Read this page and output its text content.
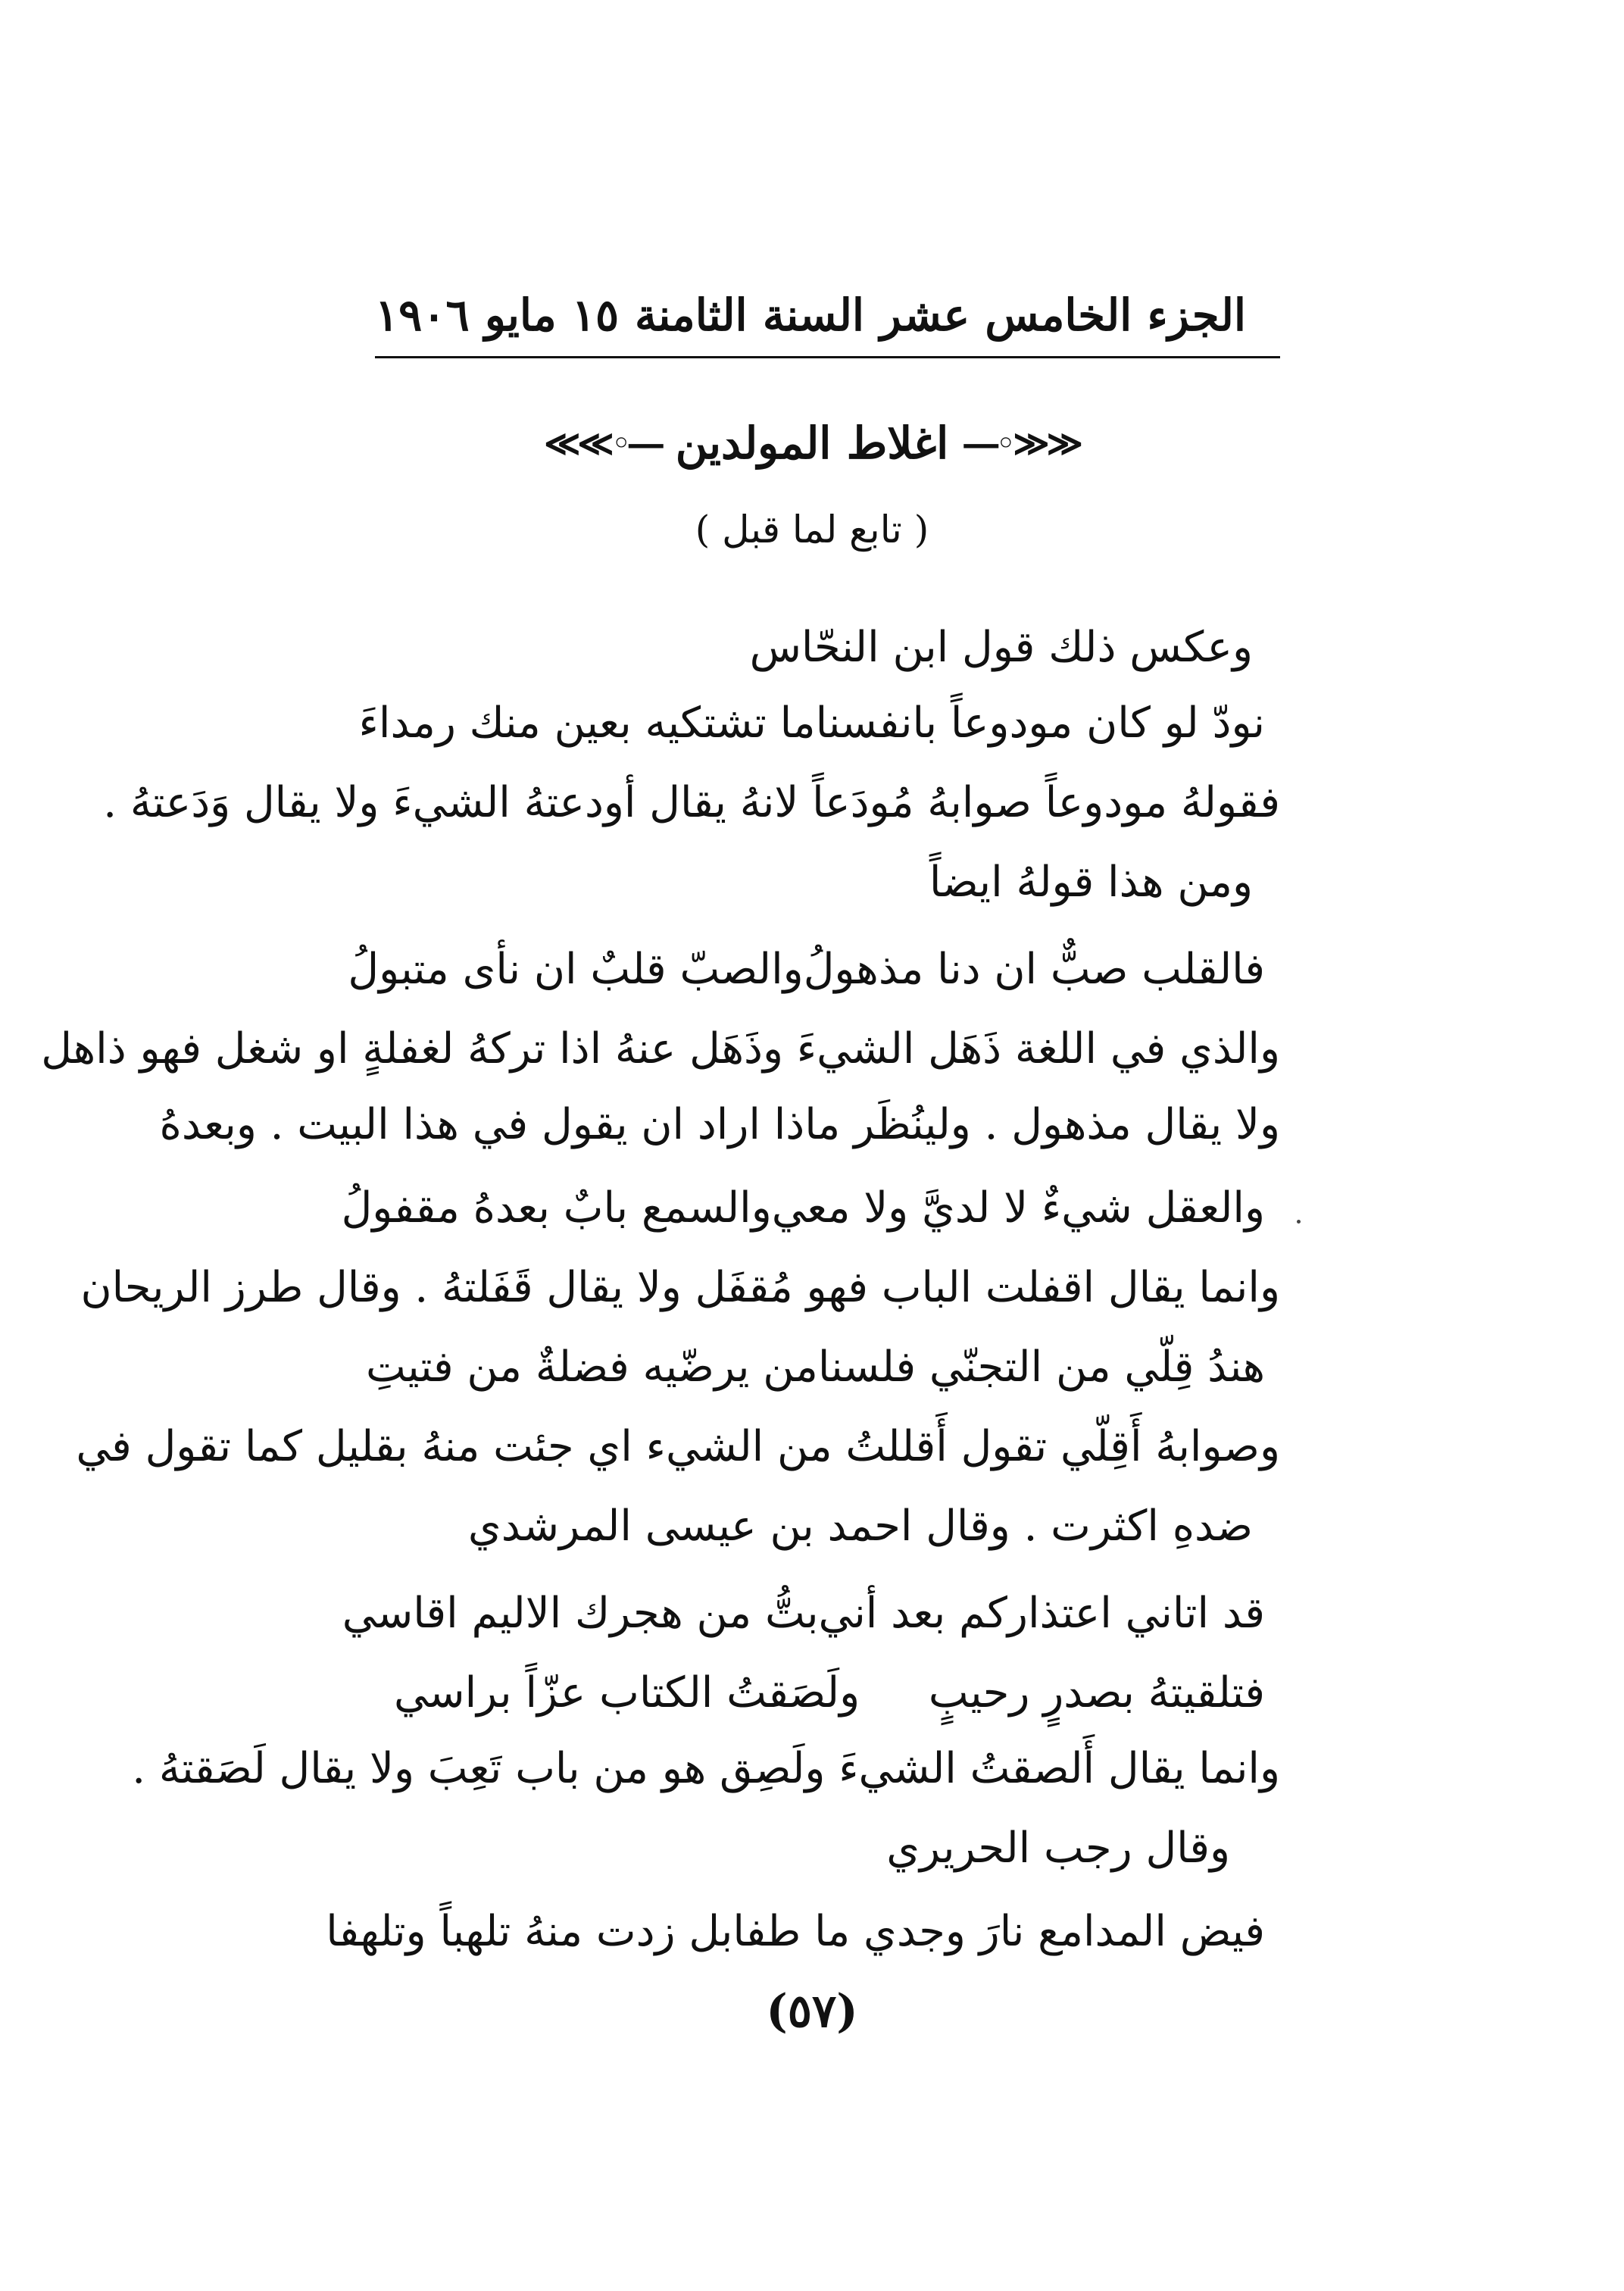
الجزء الخامس عشر
السنة الثامنة
١٥ مايو ١٩٠٦
―◦≫≫
اغلاط المولدين
≪≪◦―
( تابع لما قبل )
وعكس ذلك قول ابن النحّاس
نودّ لو كان مودوعاً بانفسنا
ما تشتكيه بعين منك رمداءَ
فقولهُ مودوعاً صوابهُ مُودَعاً لانهُ يقال أودعتهُ الشيءَ ولا يقال وَدَعتهُ .
ومن هذا قولهُ ايضاً
فالقلب صبٌّ ان دنا مذهولُ
والصبّ قلبٌ ان نأى متبولُ
والذي في اللغة ذَهَل الشيءَ وذَهَل عنهُ اذا تركهُ لغفلةٍ او شغل فهو ذاهل
ولا يقال مذهول . ولينُظَر ماذا اراد ان يقول في هذا البيت . وبعدهُ
والعقل شيءٌ لا لديَّ ولا معي
والسمع بابٌ بعدهُ مقفولُ
وانما يقال اقفلت الباب فهو مُقفَل ولا يقال قَفَلتهُ . وقال طرز الريحان
هندُ قِلّي من التجنّي فلسنا
من يرضّيه فضلةٌ من فتيتِ
وصوابهُ أَقِلّي تقول أَقللتُ من الشيء اي جئت منهُ بقليل كما تقول في
ضدهِ اكثرت . وقال احمد بن عيسى المرشدي
قد اتاني اعتذاركم بعد أني
بتُّ من هجرك الاليم اقاسي
فتلقيتهُ بصدرٍ رحيبٍ
ولَصَقتُ الكتاب عزّاً براسي
وانما يقال أَلصقتُ الشيءَ ولَصِق هو من باب تَعِبَ ولا يقال لَصَقتهُ .
وقال رجب الحريري
فيض المدامع نارَ وجدي ما طفا
بل زدت منهُ تلهباً وتلهفا
(٥٧)
